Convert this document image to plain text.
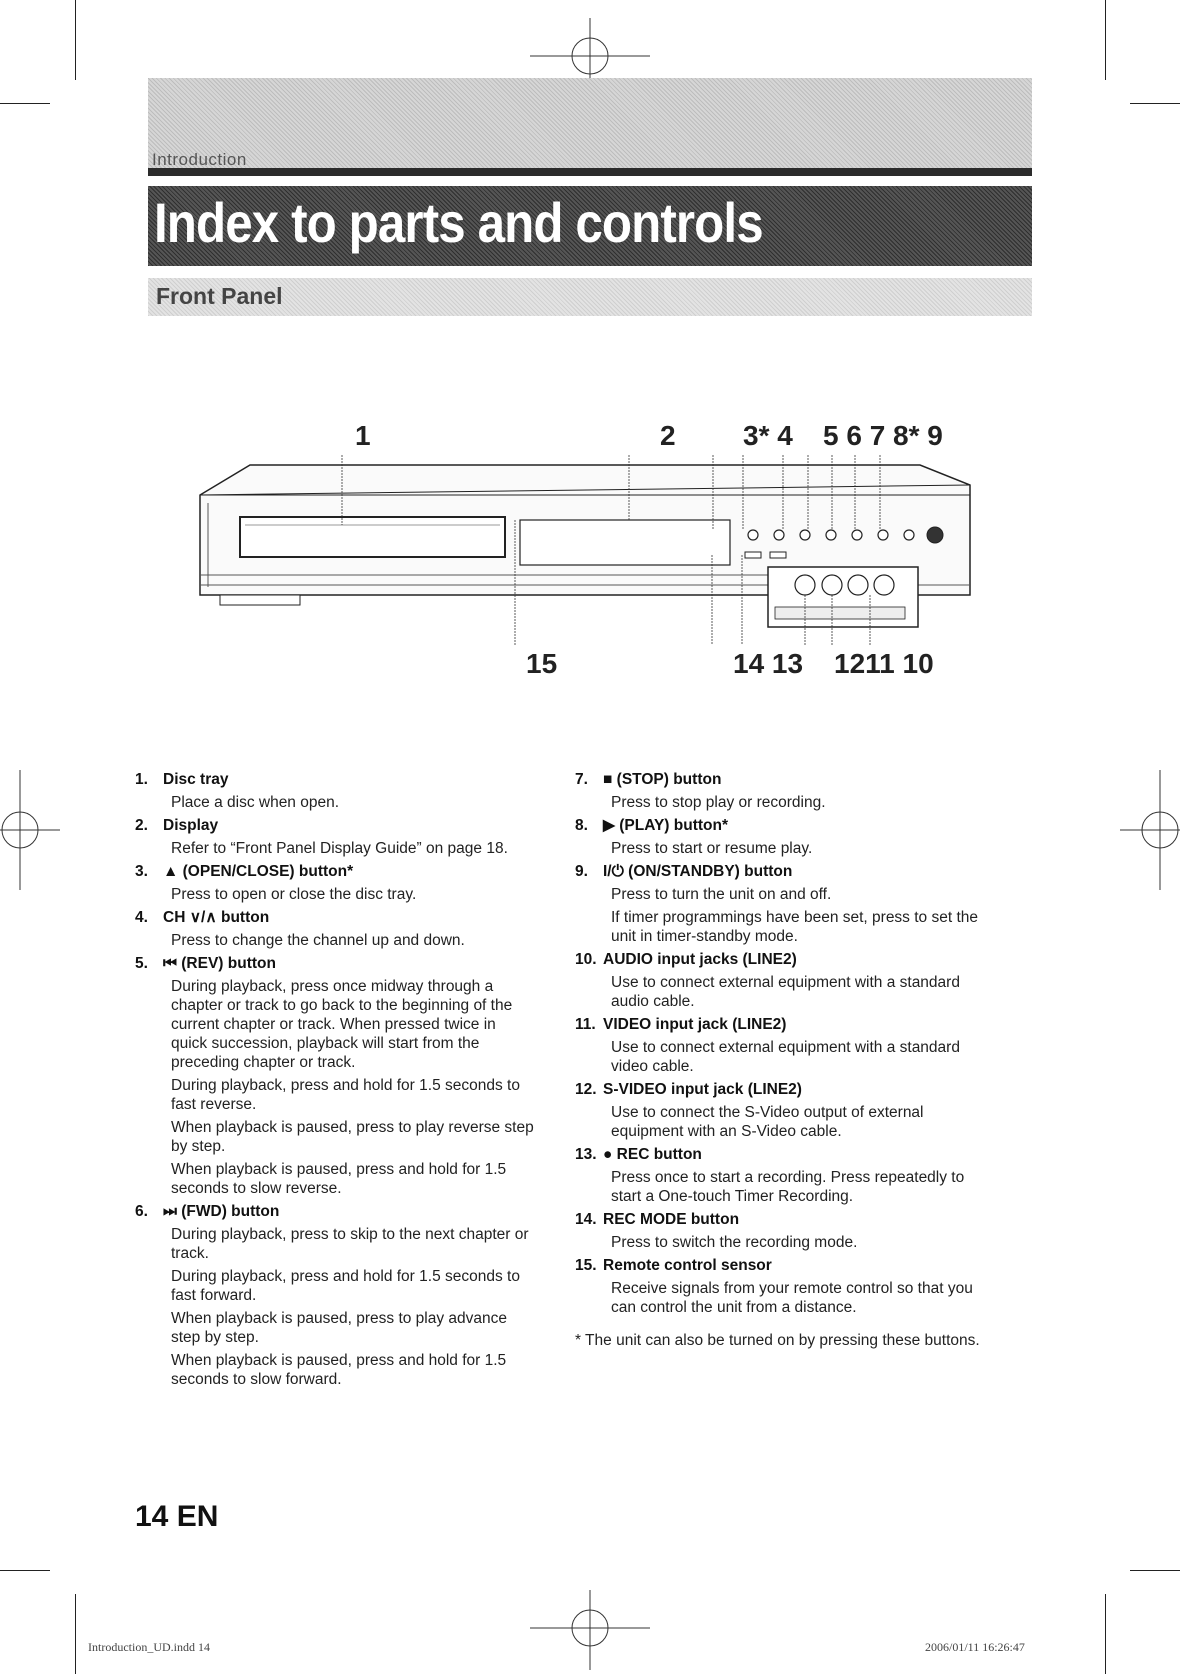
Introduction
Index to parts and controls
Front Panel
1	2 3* 4 5 6 7 8* 9
15	14 13 1211 10
1. Disc tray
Place a disc when open.
2. Display
Refer to “Front Panel Display Guide” on page 18.
3. ▲ (OPEN/CLOSE) button*
Press to open or close the disc tray.
4. CH ∨/∧ button
Press to change the channel up and down.
5. ⏮ (REV) button
During playback, press once midway through a chapter or track to go back to the beginning of the current chapter or track. When pressed twice in quick succession, playback will start from the preceding chapter or track.
During playback, press and hold for 1.5 seconds to fast reverse.
When playback is paused, press to play reverse step by step.
When playback is paused, press and hold for 1.5 seconds to slow reverse.
6. ⏭ (FWD) button
During playback, press to skip to the next chapter or track.
During playback, press and hold for 1.5 seconds to fast forward.
When playback is paused, press to play advance step by step.
When playback is paused, press and hold for 1.5 seconds to slow forward.
7. ■ (STOP) button
Press to stop play or recording.
8. ▶ (PLAY) button*
Press to start or resume play.
9. I/⏻ (ON/STANDBY) button
Press to turn the unit on and off.
If timer programmings have been set, press to set the unit in timer-standby mode.
10. AUDIO input jacks (LINE2)
Use to connect external equipment with a standard audio cable.
11. VIDEO input jack (LINE2)
Use to connect external equipment with a standard video cable.
12. S-VIDEO input jack (LINE2)
Use to connect the S-Video output of external equipment with an S-Video cable.
13. ● REC button
Press once to start a recording. Press repeatedly to start a One-touch Timer Recording.
14. REC MODE button
Press to switch the recording mode.
15. Remote control sensor
Receive signals from your remote control so that you can control the unit from a distance.
* The unit can also be turned on by pressing these buttons.
14 EN
Introduction_UD.indd 14	2006/01/11 16:26:47
